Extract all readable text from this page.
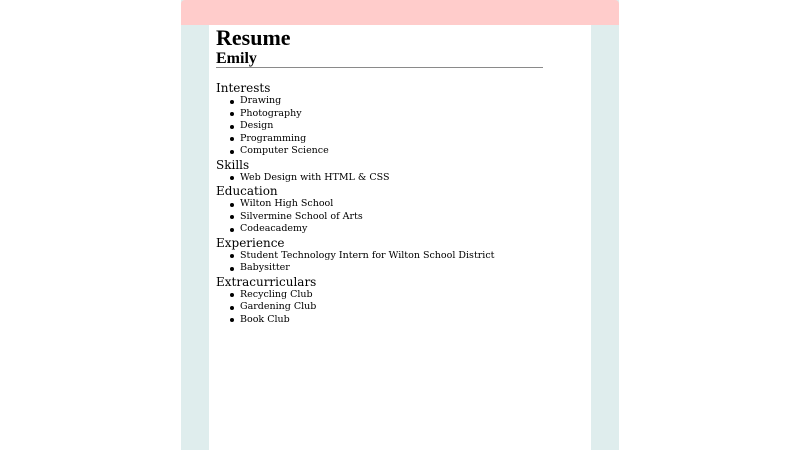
Resume
Emily
Interests
Drawing
Photography
Design
Programming
Computer Science
Skills
Web Design with HTML & CSS
Education
Wilton High School
Silvermine School of Arts
Codeacademy
Experience
Student Technology Intern for Wilton School District
Babysitter
Extracurriculars
Recycling Club
Gardening Club
Book Club
